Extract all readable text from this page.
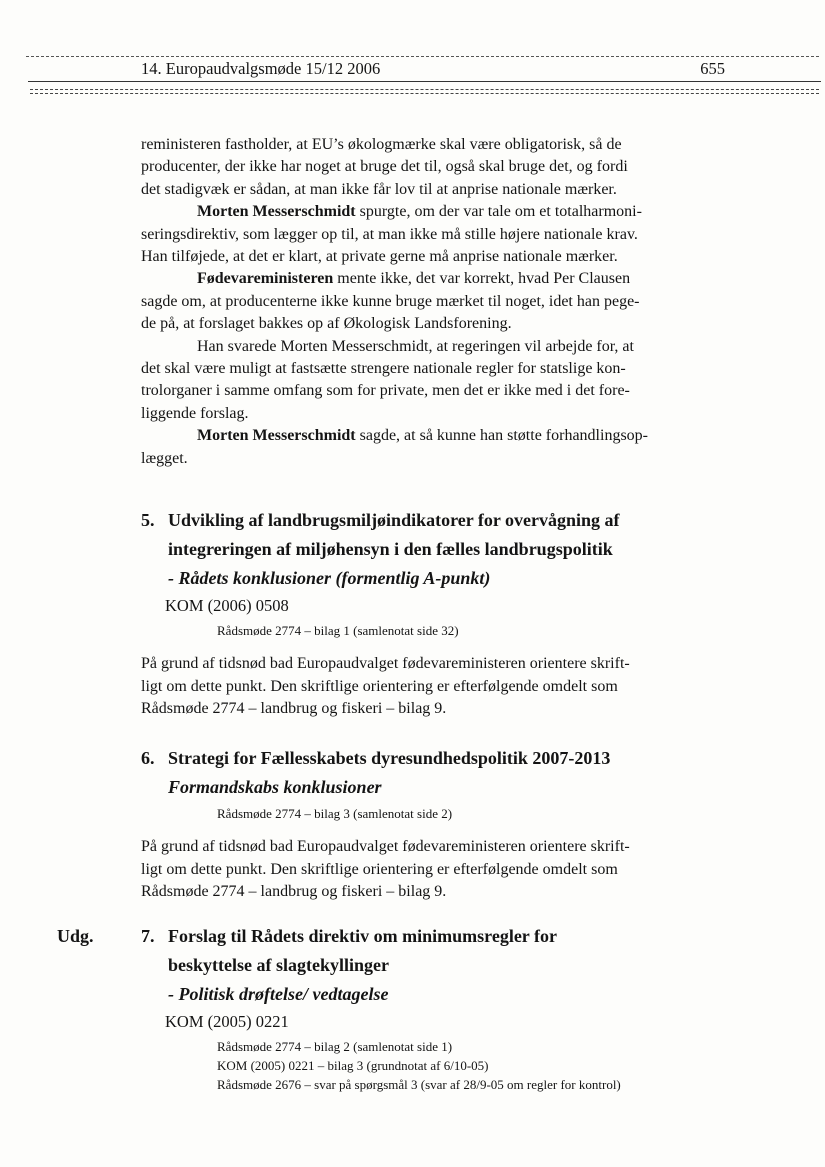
14. Europaudvalgsmøde 15/12 2006	655
reministeren fastholder, at EU’s økologmærke skal være obligatorisk, så de
producenter, der ikke har noget at bruge det til, også skal bruge det, og fordi
det stadigvæk er sådan, at man ikke får lov til at anprise nationale mærker.
Morten Messerschmidt spurgte, om der var tale om et totalharmoni-
seringsdirektiv, som lægger op til, at man ikke må stille højere nationale krav.
Han tilføjede, at det er klart, at private gerne må anprise nationale mærker.
Fødevareministeren mente ikke, det var korrekt, hvad Per Clausen
sagde om, at producenterne ikke kunne bruge mærket til noget, idet han pege-
de på, at forslaget bakkes op af Økologisk Landsforening.
Han svarede Morten Messerschmidt, at regeringen vil arbejde for, at
det skal være muligt at fastsætte strengere nationale regler for statslige kon-
trolorganer i samme omfang som for private, men det er ikke med i det fore-
liggende forslag.
Morten Messerschmidt sagde, at så kunne han støtte forhandlingsop-
lægget.
5. Udvikling af landbrugsmiljøindikatorer for overvågning af
integreringen af miljøhensyn i den fælles landbrugspolitik
- Rådets konklusioner (formentlig A-punkt)
KOM (2006) 0508
Rådsmøde 2774 – bilag 1 (samlenotat side 32)
På grund af tidsnød bad Europaudvalget fødevareministeren orientere skrift-
ligt om dette punkt. Den skriftlige orientering er efterfølgende omdelt som
Rådsmøde 2774 – landbrug og fiskeri – bilag 9.
6. Strategi for Fællesskabets dyresundhedspolitik 2007-2013
Formandskabs konklusioner
Rådsmøde 2774 – bilag 3 (samlenotat side 2)
På grund af tidsnød bad Europaudvalget fødevareministeren orientere skrift-
ligt om dette punkt. Den skriftlige orientering er efterfølgende omdelt som
Rådsmøde 2774 – landbrug og fiskeri – bilag 9.
Udg.	7. Forslag til Rådets direktiv om minimumsregler for
beskyttelse af slagtekyllinger
- Politisk drøftelse/ vedtagelse
KOM (2005) 0221
Rådsmøde 2774 – bilag 2 (samlenotat side 1)
KOM (2005) 0221 – bilag 3 (grundnotat af 6/10-05)
Rådsmøde 2676 – svar på spørgsmål 3 (svar af 28/9-05 om regler for kontrol)
